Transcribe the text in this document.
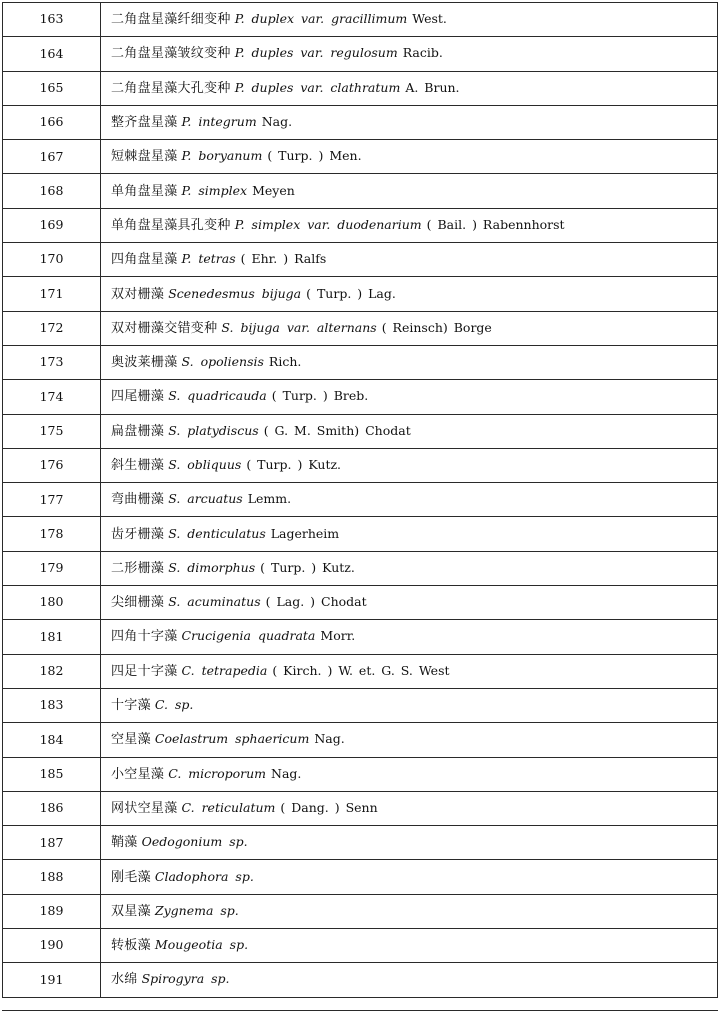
163	二角盘星藻纤细变种 P. duplex var. gracillimum West.
164	二角盘星藻皱纹变种 P. duples var. regulosum Racib.
165	二角盘星藻大孔变种 P. duples var. clathratum A. Brun.
166	整齐盘星藻 P. integrum Nag.
167	短棘盘星藻 P. boryanum ( Turp. ) Men.
168	单角盘星藻 P. simplex Meyen
169	单角盘星藻具孔变种 P. simplex var. duodenarium ( Bail. ) Rabennhorst
170	四角盘星藻 P. tetras ( Ehr. ) Ralfs
171	双对栅藻 Scenedesmus bijuga ( Turp. ) Lag.
172	双对栅藻交错变种 S. bijuga var. alternans ( Reinsch) Borge
173	奥波莱栅藻 S. opoliensis Rich.
174	四尾栅藻 S. quadricauda ( Turp. ) Breb.
175	扁盘栅藻 S. platydiscus ( G. M. Smith) Chodat
176	斜生栅藻 S. obliquus ( Turp. ) Kutz.
177	弯曲栅藻 S. arcuatus Lemm.
178	齿牙栅藻 S. denticulatus Lagerheim
179	二形栅藻 S. dimorphus ( Turp. ) Kutz.
180	尖细栅藻 S. acuminatus ( Lag. ) Chodat
181	四角十字藻 Crucigenia quadrata Morr.
182	四足十字藻 C. tetrapedia ( Kirch. ) W. et. G. S. West
183	十字藻 C. sp.
184	空星藻 Coelastrum sphaericum Nag.
185	小空星藻 C. microporum Nag.
186	网状空星藻 C. reticulatum ( Dang. ) Senn
187	鞘藻 Oedogonium sp.
188	刚毛藻 Cladophora sp.
189	双星藻 Zygnema sp.
190	转板藻 Mougeotia sp.
191	水绵 Spirogyra sp.
